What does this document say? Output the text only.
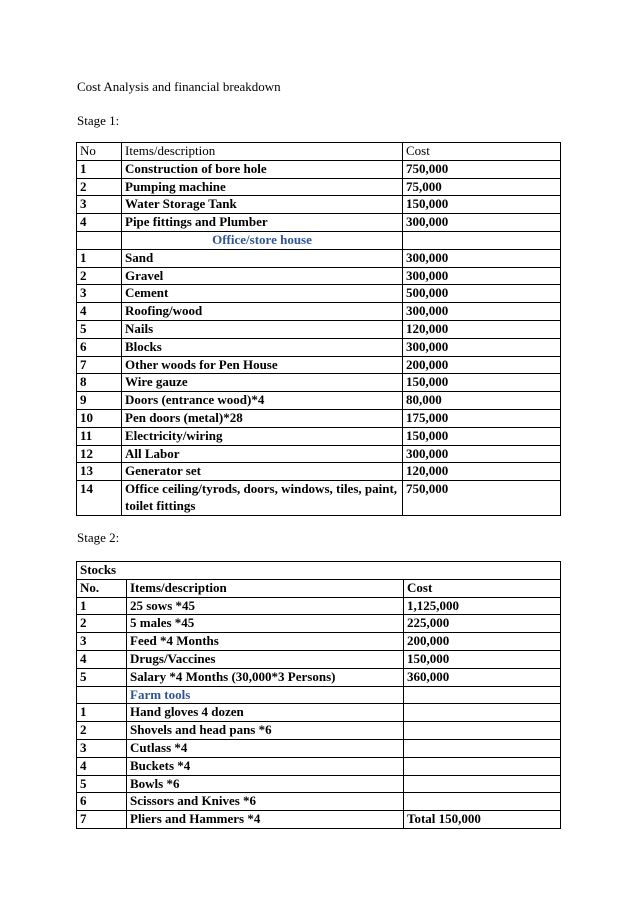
Cost Analysis and financial breakdown
Stage 1:
No	Items/description	Cost
1	Construction of bore hole	750,000
2	Pumping machine	75,000
3	Water Storage Tank	150,000
4	Pipe fittings and Plumber	300,000
	Office/store house	
1	Sand	300,000
2	Gravel	300,000
3	Cement	500,000
4	Roofing/wood	300,000
5	Nails	120,000
6	Blocks	300,000
7	Other woods for Pen House	200,000
8	Wire gauze	150,000
9	Doors (entrance wood)*4	80,000
10	Pen doors (metal)*28	175,000
11	Electricity/wiring	150,000
12	All Labor	300,000
13	Generator set	120,000
14	Office ceiling/tyrods, doors, windows, tiles, paint, toilet fittings	750,000
Stage 2:
Stocks		
No.	Items/description	Cost
1	25 sows *45	1,125,000
2	5 males *45	225,000
3	Feed *4 Months	200,000
4	Drugs/Vaccines	150,000
5	Salary *4 Months (30,000*3 Persons)	360,000
	Farm tools	
1	Hand gloves 4 dozen	
2	Shovels and head pans *6	
3	Cutlass *4	
4	Buckets *4	
5	Bowls *6	
6	Scissors and Knives *6	
7	Pliers and Hammers *4	Total 150,000
